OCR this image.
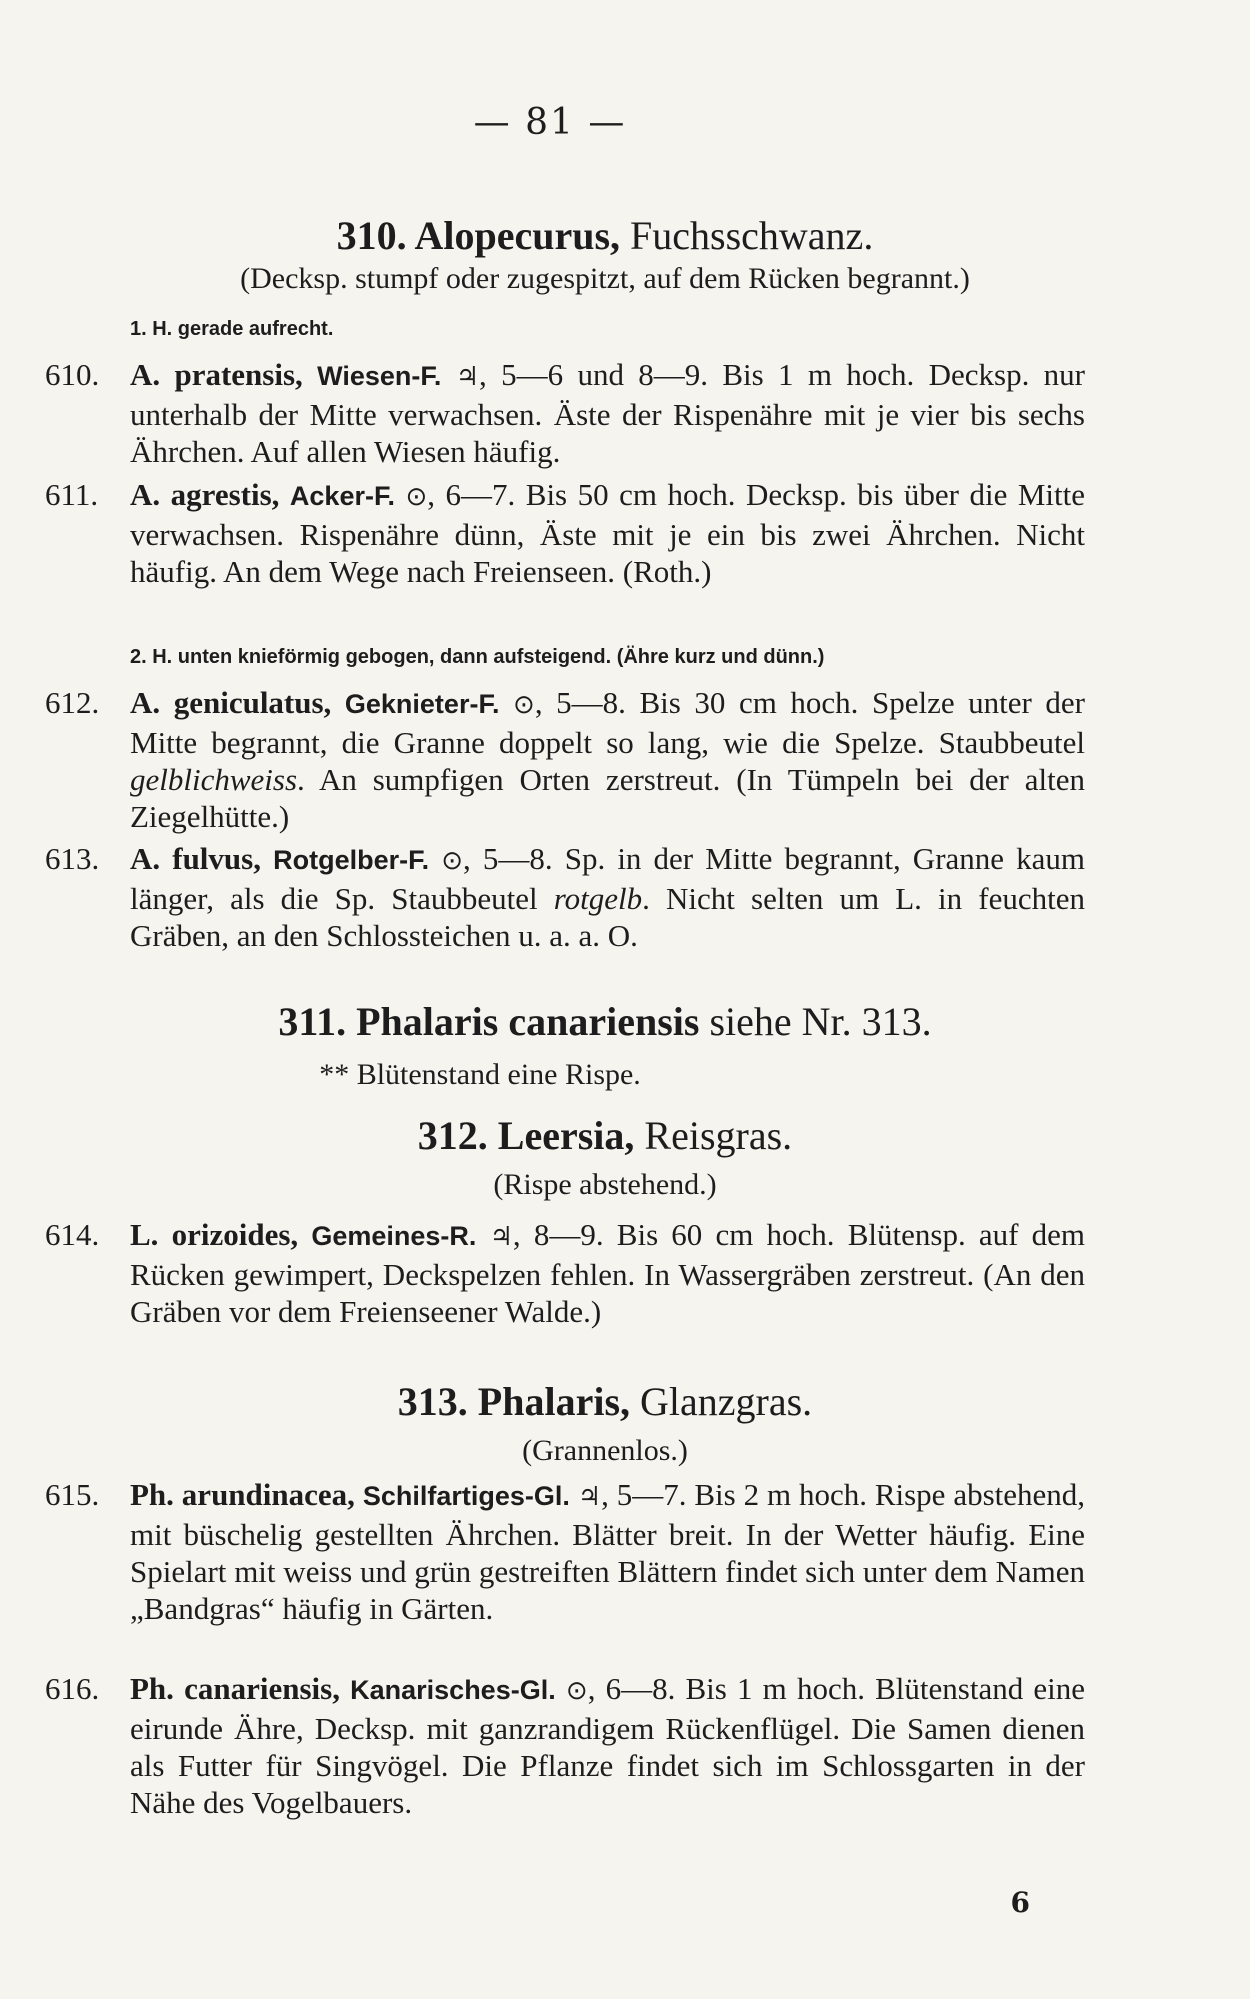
— 81 —
310. Alopecurus, Fuchsschwanz.
(Decksp. stumpf oder zugespitzt, auf dem Rücken begrannt.)
1. H. gerade aufrecht.
610. A. pratensis, Wiesen-F. ♃, 5—6 und 8—9. Bis 1 m hoch. Decksp. nur unterhalb der Mitte verwachsen. Äste der Rispenähre mit je vier bis sechs Ährchen. Auf allen Wiesen häufig.
611.	A. agrestis, Acker-F. ⊙, 6—7. Bis 50 cm hoch. Decksp. bis über die Mitte verwachsen. Rispenähre dünn, Äste mit je ein bis zwei Ährchen. Nicht häufig. An dem Wege nach Freienseen. (Roth.)
2. H. unten knieförmig gebogen, dann aufsteigend. (Ähre kurz und dünn.)
612. A. geniculatus, Geknieter-F. ⊙, 5—8. Bis 30 cm hoch. Spelze unter der Mitte begrannt, die Granne doppelt so lang, wie die Spelze. Staubbeutel gelblichweiss. An sumpfigen Orten zerstreut. (In Tümpeln bei der alten Ziegelhütte.)
613. A. fulvus, Rotgelber-F. ⊙, 5—8. Sp. in der Mitte begrannt, Granne kaum länger, als die Sp. Staubbeutel rotgelb. Nicht selten um L. in feuchten Gräben, an den Schlossteichen u. a. a. O.
311. Phalaris canariensis siehe Nr. 313.
** Blütenstand eine Rispe.
312. Leersia, Reisgras.
(Rispe abstehend.)
614. L. orizoides, Gemeines-R. ♃, 8—9. Bis 60 cm hoch. Blütensp. auf dem Rücken gewimpert, Deckspelzen fehlen. In Wassergräben zerstreut. (An den Gräben vor dem Freienseener Walde.)
313. Phalaris, Glanzgras.
(Grannenlos.)
615. Ph. arundinacea, Schilfartiges-Gl. ♃, 5—7. Bis 2 m hoch. Rispe abstehend, mit büschelig gestellten Ährchen. Blätter breit. In der Wetter häufig. Eine Spielart mit weiss und grün gestreiften Blättern findet sich unter dem Namen „Bandgras“ häufig in Gärten.
616. Ph. canariensis, Kanarisches-Gl. ⊙, 6—8. Bis 1 m hoch. Blütenstand eine eirunde Ähre, Decksp. mit ganzrandigem Rückenflügel. Die Samen dienen als Futter für Singvögel. Die Pflanze findet sich im Schlossgarten in der Nähe des Vogelbauers.
6
